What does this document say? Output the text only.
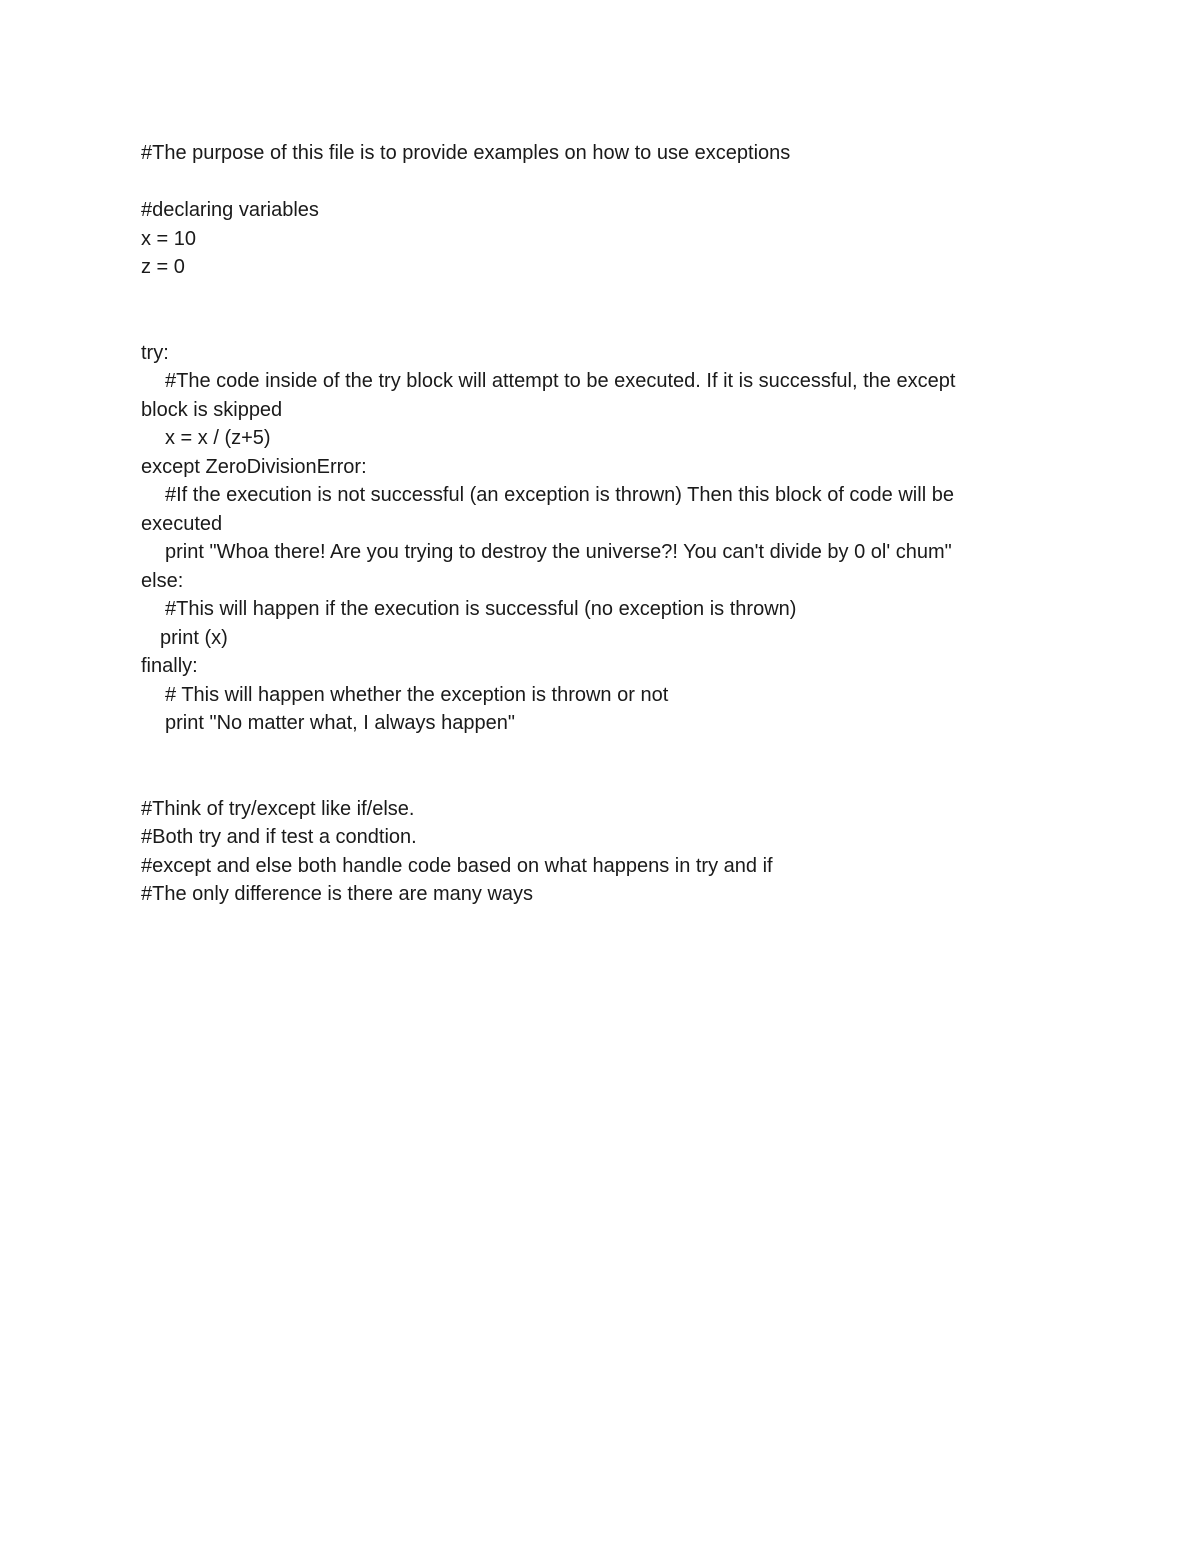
#The purpose of this file is to provide examples on how to use exceptions

#declaring variables

x = 10

z = 0

try:

#The code inside of the try block will attempt to be executed. If it is successful, the except

block is skipped

x = x / (z+5)

except ZeroDivisionError:

#If the execution is not successful (an exception is thrown) Then this block of code will be

executed

print "Whoa there! Are you trying to destroy the universe?! You can't divide by 0 ol' chum"

else:

#This will happen if the execution is successful (no exception is thrown)

print (x)

finally:

# This will happen whether the exception is thrown or not

print "No matter what, I always happen"

#Think of try/except like if/else.

#Both try and if test a condtion.

#except and else both handle code based on what happens in try and if

#The only difference is there are many ways
